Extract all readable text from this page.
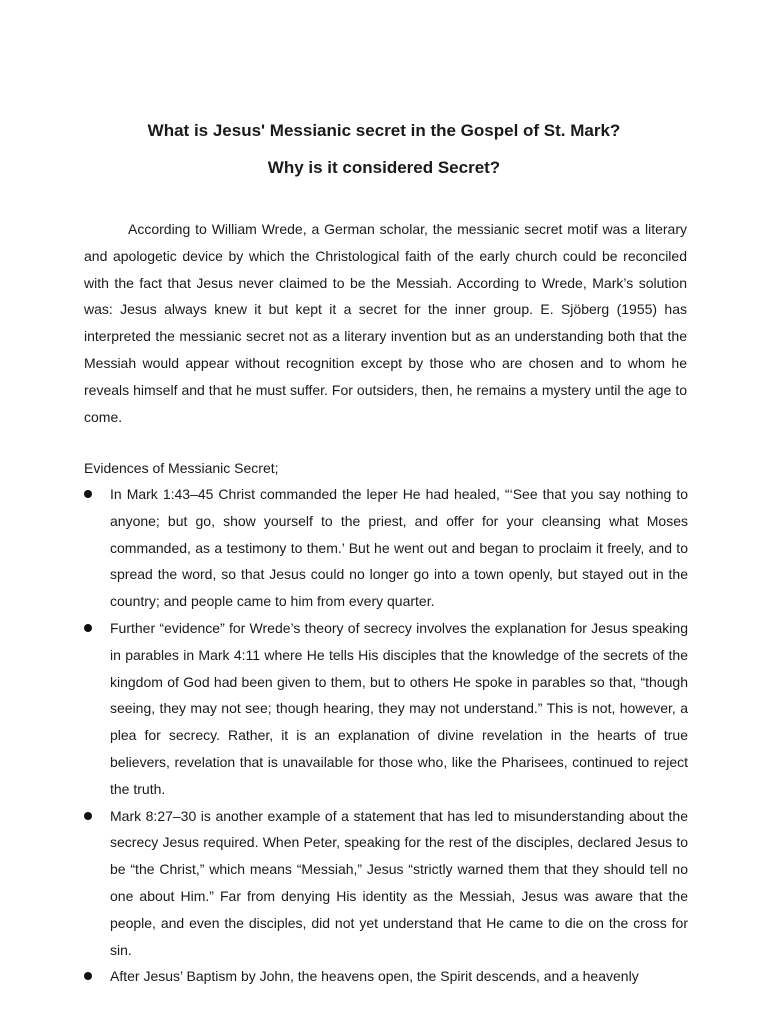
What is Jesus' Messianic secret in the Gospel of St. Mark?
Why is it considered Secret?

According to William Wrede, a German scholar, the messianic secret motif was a literary and apologetic device by which the Christological faith of the early church could be reconciled with the fact that Jesus never claimed to be the Messiah. According to Wrede, Mark’s solution was: Jesus always knew it but kept it a secret for the inner group. E. Sjöberg (1955) has interpreted the messianic secret not as a literary invention but as an understanding both that the Messiah would appear without recognition except by those who are chosen and to whom he reveals himself and that he must suffer. For outsiders, then, he remains a mystery until the age to come.

Evidences of Messianic Secret;

In Mark 1:43–45 Christ commanded the leper He had healed, “‘See that you say nothing to anyone; but go, show yourself to the priest, and offer for your cleansing what Moses commanded, as a testimony to them.’ But he went out and began to proclaim it freely, and to spread the word, so that Jesus could no longer go into a town openly, but stayed out in the country; and people came to him from every quarter.
Further “evidence” for Wrede’s theory of secrecy involves the explanation for Jesus speaking in parables in Mark 4:11 where He tells His disciples that the knowledge of the secrets of the kingdom of God had been given to them, but to others He spoke in parables so that, “though seeing, they may not see; though hearing, they may not understand.” This is not, however, a plea for secrecy. Rather, it is an explanation of divine revelation in the hearts of true believers, revelation that is unavailable for those who, like the Pharisees, continued to reject the truth.
Mark 8:27–30 is another example of a statement that has led to misunderstanding about the secrecy Jesus required. When Peter, speaking for the rest of the disciples, declared Jesus to be “the Christ,” which means “Messiah,” Jesus “strictly warned them that they should tell no one about Him.” Far from denying His identity as the Messiah, Jesus was aware that the people, and even the disciples, did not yet understand that He came to die on the cross for sin.
After Jesus’ Baptism by John, the heavens open, the Spirit descends, and a heavenly
